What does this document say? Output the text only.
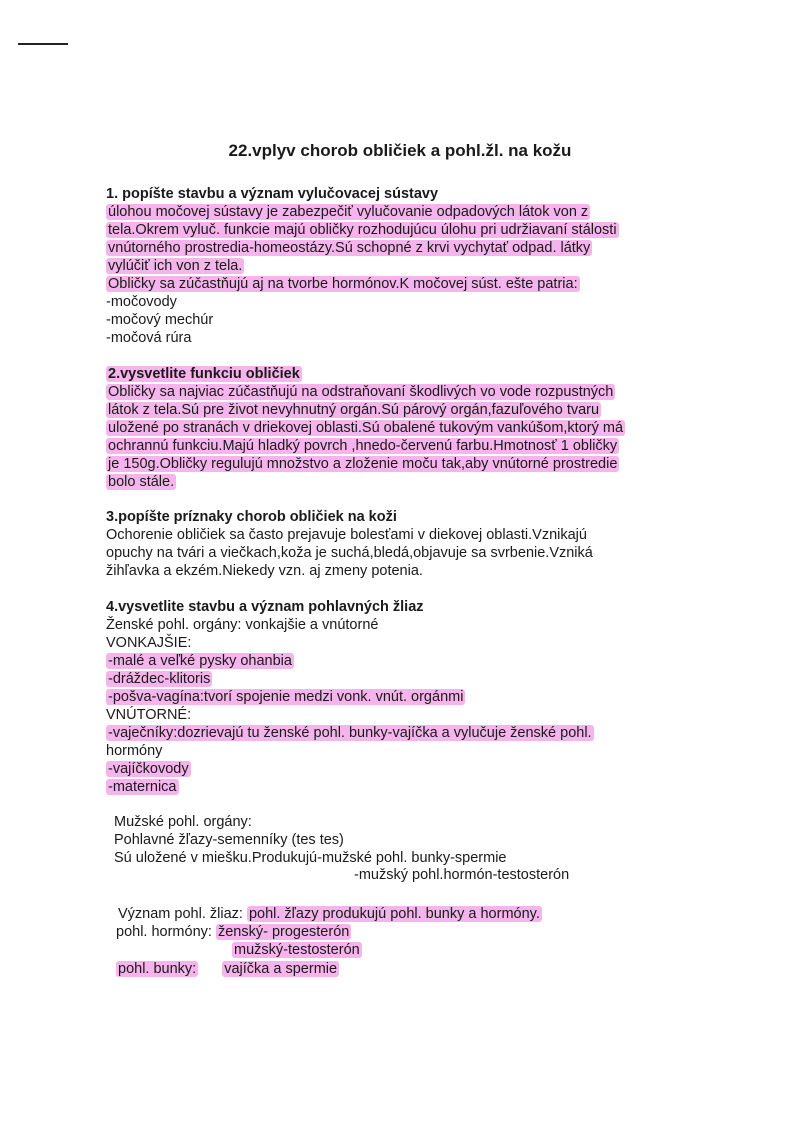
22.vplyv chorob obličiek a pohl.žl. na kožu
1. popíšte stavbu a význam vylučovacej sústavy
úlohou močovej sústavy je zabezpečiť vylučovanie odpadových látok von z
tela.Okrem vyluč. funkcie majú obličky rozhodujúcu úlohu pri udržiavaní stálosti
vnútorného prostredia-homeostázy.Sú schopné z krvi vychytať odpad. látky
vylúčiť ich von z tela.
Obličky sa zúčastňujú aj na tvorbe hormónov.K močovej súst. ešte patria:
-močovody
-močový mechúr
-močová rúra
2.vysvetlite funkciu obličiek
Obličky sa najviac zúčastňujú na odstraňovaní škodlivých vo vode rozpustných
látok z tela.Sú pre život nevyhnutný orgán.Sú párový orgán,fazuľového tvaru
uložené po stranách v driekovej oblasti.Sú obalené tukovým vankúšom,ktorý má
ochrannú funkciu.Majú hladký povrch ,hnedo-červenú farbu.Hmotnosť 1 obličky
je 150g.Obličky regulujú množstvo a zloženie moču tak,aby vnútorné prostredie
bolo stále.
3.popíšte príznaky chorob obličiek na koži
Ochorenie obličiek sa často prejavuje bolesťami v diekovej oblasti.Vznikajú
opuchy na tvári a viečkach,koža je suchá,bledá,objavuje sa svrbenie.Vzniká
žihľavka a ekzém.Niekedy vzn. aj zmeny potenia.
4.vysvetlite stavbu a význam pohlavných žliaz
Ženské pohl. orgány: vonkajšie a vnútorné
VONKAJŠIE:
-malé a veľké pysky ohanbia
-dráždec-klitoris
-pošva-vagína:tvorí spojenie medzi vonk. vnút. orgánmi
VNÚTORNÉ:
-vaječníky:dozrievajú tu ženské pohl. bunky-vajíčka a vylučuje ženské pohl.
hormóny
-vajíčkovody
-maternica
Mužské pohl. orgány:
Pohlavné žľazy-semenníky (tes tes)
Sú uložené v miešku.Produkujú-mužské pohl. bunky-spermie
-mužský pohl.hormón-testosterón
Význam pohl. žliaz: pohl. žľazy produkujú pohl. bunky a hormóny.
pohl. hormóny: ženský- progesterón
mužský-testosterón
pohl. bunky: vajíčka a spermie
